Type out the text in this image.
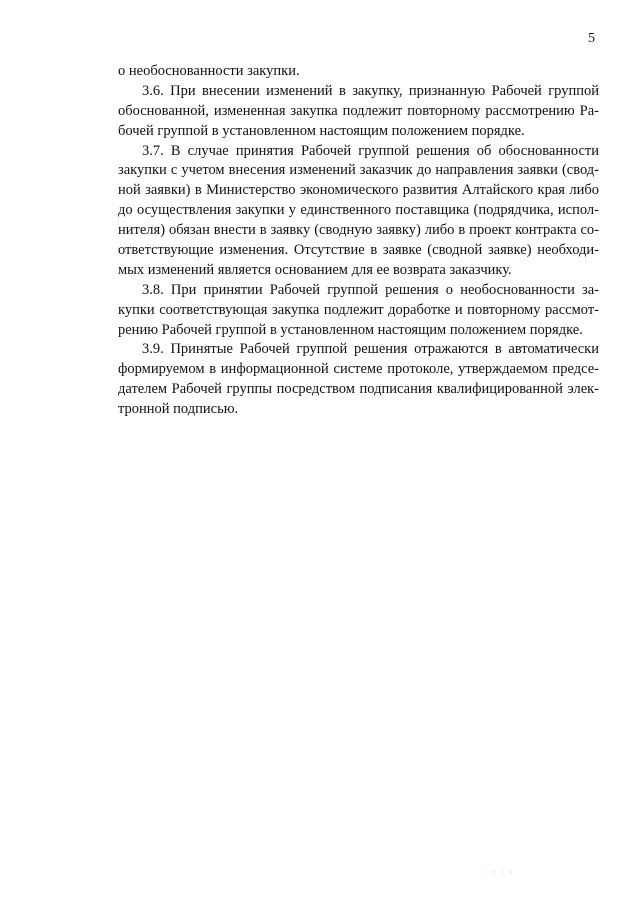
5
о необоснованности закупки.
3.6. При внесении изменений в закупку, признанную Рабочей группой
обоснованной, измененная закупка подлежит повторному рассмотрению Ра-
бочей группой в установленном настоящим положением порядке.
3.7. В случае принятия Рабочей группой решения об обоснованности
закупки с учетом внесения изменений заказчик до направления заявки (свод-
ной заявки) в Министерство экономического развития Алтайского края либо
до осуществления закупки у единственного поставщика (подрядчика, испол-
нителя) обязан внести в заявку (сводную заявку) либо в проект контракта со-
ответствующие изменения. Отсутствие в заявке (сводной заявке) необходи-
мых изменений является основанием для ее возврата заказчику.
3.8. При принятии Рабочей группой решения о необоснованности за-
купки соответствующая закупка подлежит доработке и повторному рассмот-
рению Рабочей группой в установленном настоящим положением порядке.
3.9. Принятые Рабочей группой решения отражаются в автоматически
формируемом в информационной системе протоколе, утверждаемом предсе-
дателем Рабочей группы посредством подписания квалифицированной элек-
тронной подписью.
· · · ·
